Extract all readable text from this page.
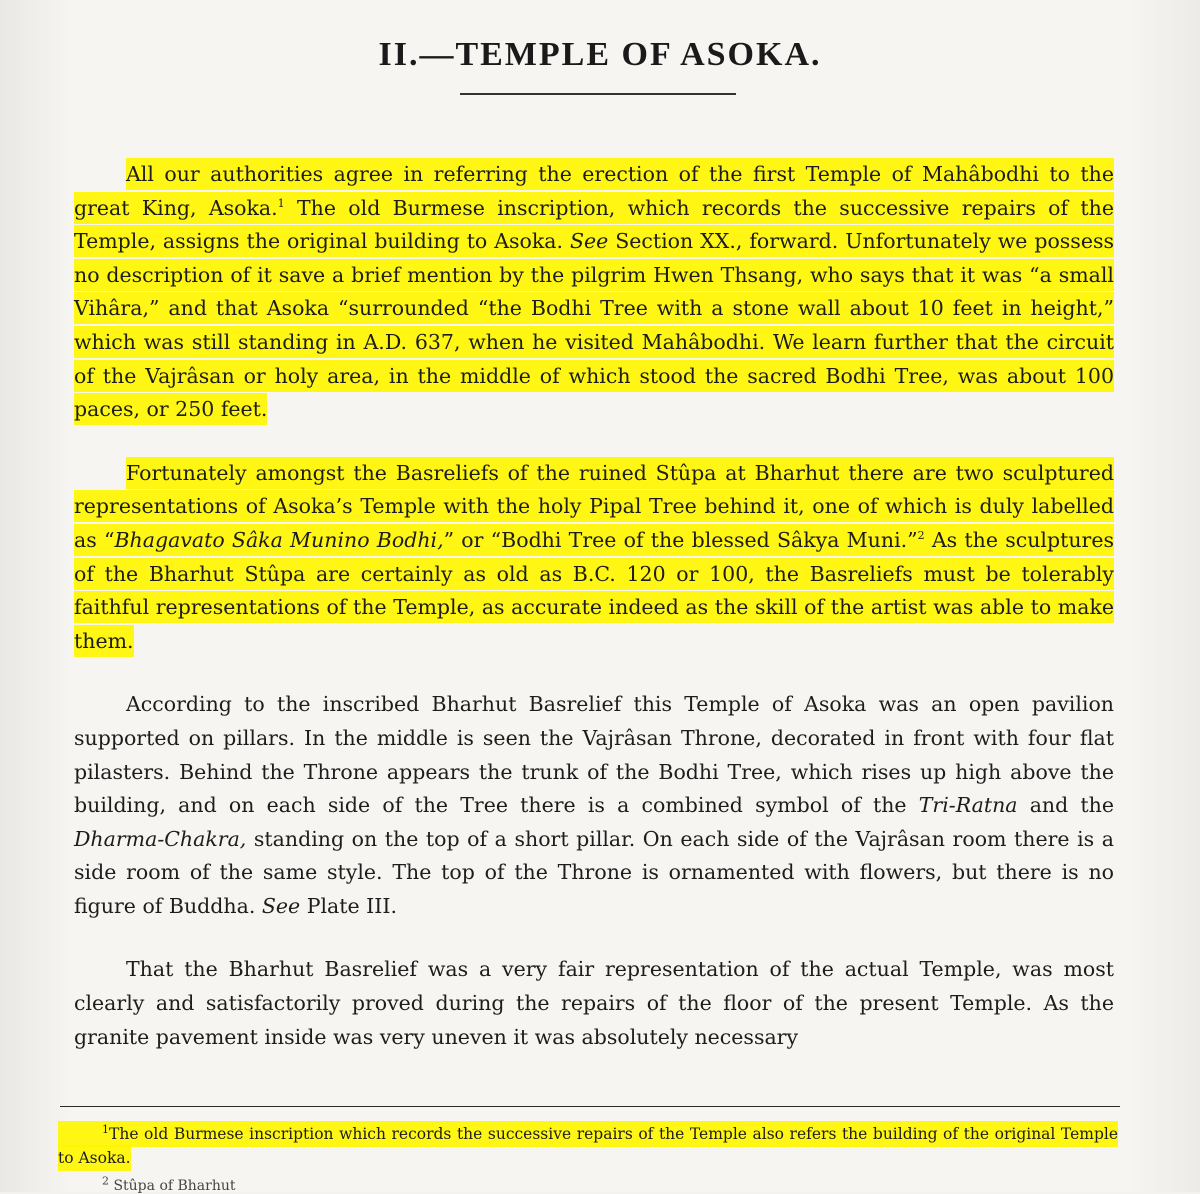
II.—TEMPLE OF ASOKA.

All our authorities agree in referring the erection of the first Temple of Mahâbodhi to the great King, Asoka.$^1$ The old Burmese inscription, which records the successive repairs of the Temple, assigns the original building to Asoka. See Section XX., forward. Unfortunately we possess no description of it save a brief mention by the pilgrim Hwen Thsang, who says that it was “a small Vihâra,” and that Asoka “surrounded “the Bodhi Tree with a stone wall about 10 feet in height,” which was still standing in A.D. 637, when he visited Mahâbodhi. We learn further that the circuit of the Vajrâsan or holy area, in the middle of which stood the sacred Bodhi Tree, was about 100 paces, or 250 feet.

Fortunately amongst the Basreliefs of the ruined Stûpa at Bharhut there are two sculptured representations of Asoka’s Temple with the holy Pipal Tree behind it, one of which is duly labelled as “Bhagavato Sâka Munino Bodhi,” or “Bodhi Tree of the blessed Sâkya Muni.”$^2$ As the sculptures of the Bharhut Stûpa are certainly as old as B.C. 120 or 100, the Basreliefs must be tolerably faithful representations of the Temple, as accurate indeed as the skill of the artist was able to make them.

According to the inscribed Bharhut Basrelief this Temple of Asoka was an open pavilion supported on pillars. In the middle is seen the Vajrâsan Throne, decorated in front with four flat pilasters. Behind the Throne appears the trunk of the Bodhi Tree, which rises up high above the building, and on each side of the Tree there is a combined symbol of the Tri-Ratna and the Dharma-Chakra, standing on the top of a short pillar. On each side of the Vajrâsan room there is a side room of the same style. The top of the Throne is ornamented with flowers, but there is no figure of Buddha. See Plate III.

That the Bharhut Basrelief was a very fair representation of the actual Temple, was most clearly and satisfactorily proved during the repairs of the floor of the present Temple. As the granite pavement inside was very uneven it was absolutely necessary

$^1$The old Burmese inscription which records the successive repairs of the Temple also refers the building of the original Temple to Asoka.
$^2$ Stûpa of Bharhut
